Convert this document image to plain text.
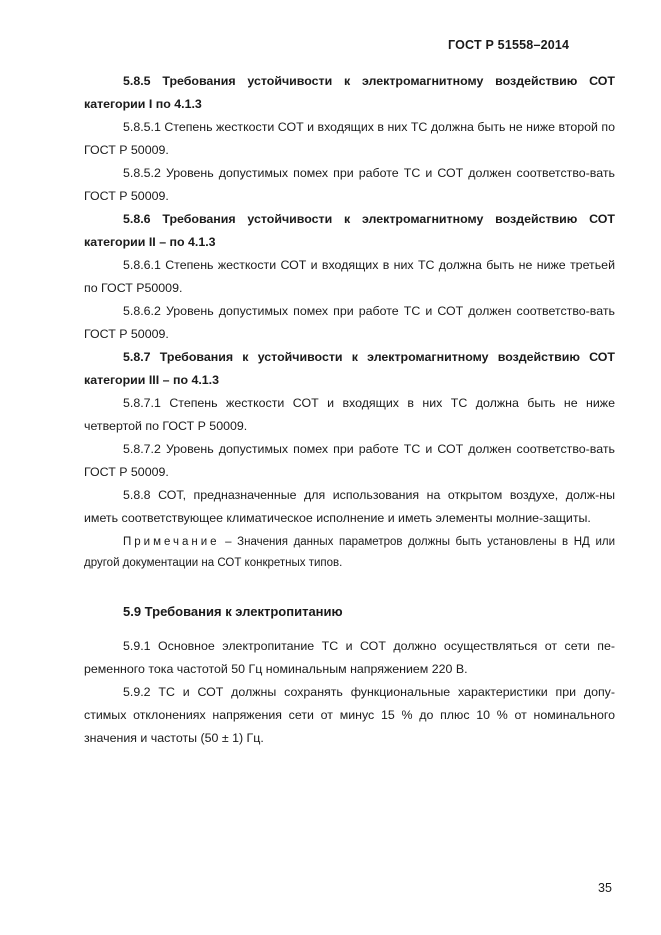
ГОСТ Р 51558–2014

5.8.5 Требования устойчивости к электромагнитному воздействию СОТ категории I по 4.1.3

5.8.5.1 Степень жесткости СОТ и входящих в них ТС должна быть не ниже второй по ГОСТ Р 50009.

5.8.5.2 Уровень допустимых помех при работе ТС и СОТ должен соответство-вать ГОСТ Р 50009.

5.8.6 Требования устойчивости к электромагнитному воздействию СОТ категории II – по 4.1.3

5.8.6.1 Степень жесткости СОТ и входящих в них ТС должна быть не ниже третьей по ГОСТ Р50009.

5.8.6.2 Уровень допустимых помех при работе ТС и СОТ должен соответство-вать ГОСТ Р 50009.

5.8.7 Требования к устойчивости к электромагнитному воздействию СОТ категории III – по 4.1.3

5.8.7.1 Степень жесткости СОТ и входящих в них ТС должна быть не ниже четвертой по ГОСТ Р 50009.

5.8.7.2 Уровень допустимых помех при работе ТС и СОТ должен соответство-вать ГОСТ Р 50009.

5.8.8 СОТ, предназначенные для использования на открытом воздухе, долж-ны иметь соответствующее климатическое исполнение и иметь элементы молние-защиты.

Примечание – Значения данных параметров должны быть установлены в НД или другой документации на СОТ конкретных типов.

5.9 Требования к электропитанию

5.9.1 Основное электропитание ТС и СОТ должно осуществляться от сети пе-ременного тока частотой 50 Гц номинальным напряжением 220 В.

5.9.2 ТС и СОТ должны сохранять функциональные характеристики при допу-стимых отклонениях напряжения сети от минус 15 % до плюс 10 % от номинального значения и частоты (50 ± 1) Гц.

35
